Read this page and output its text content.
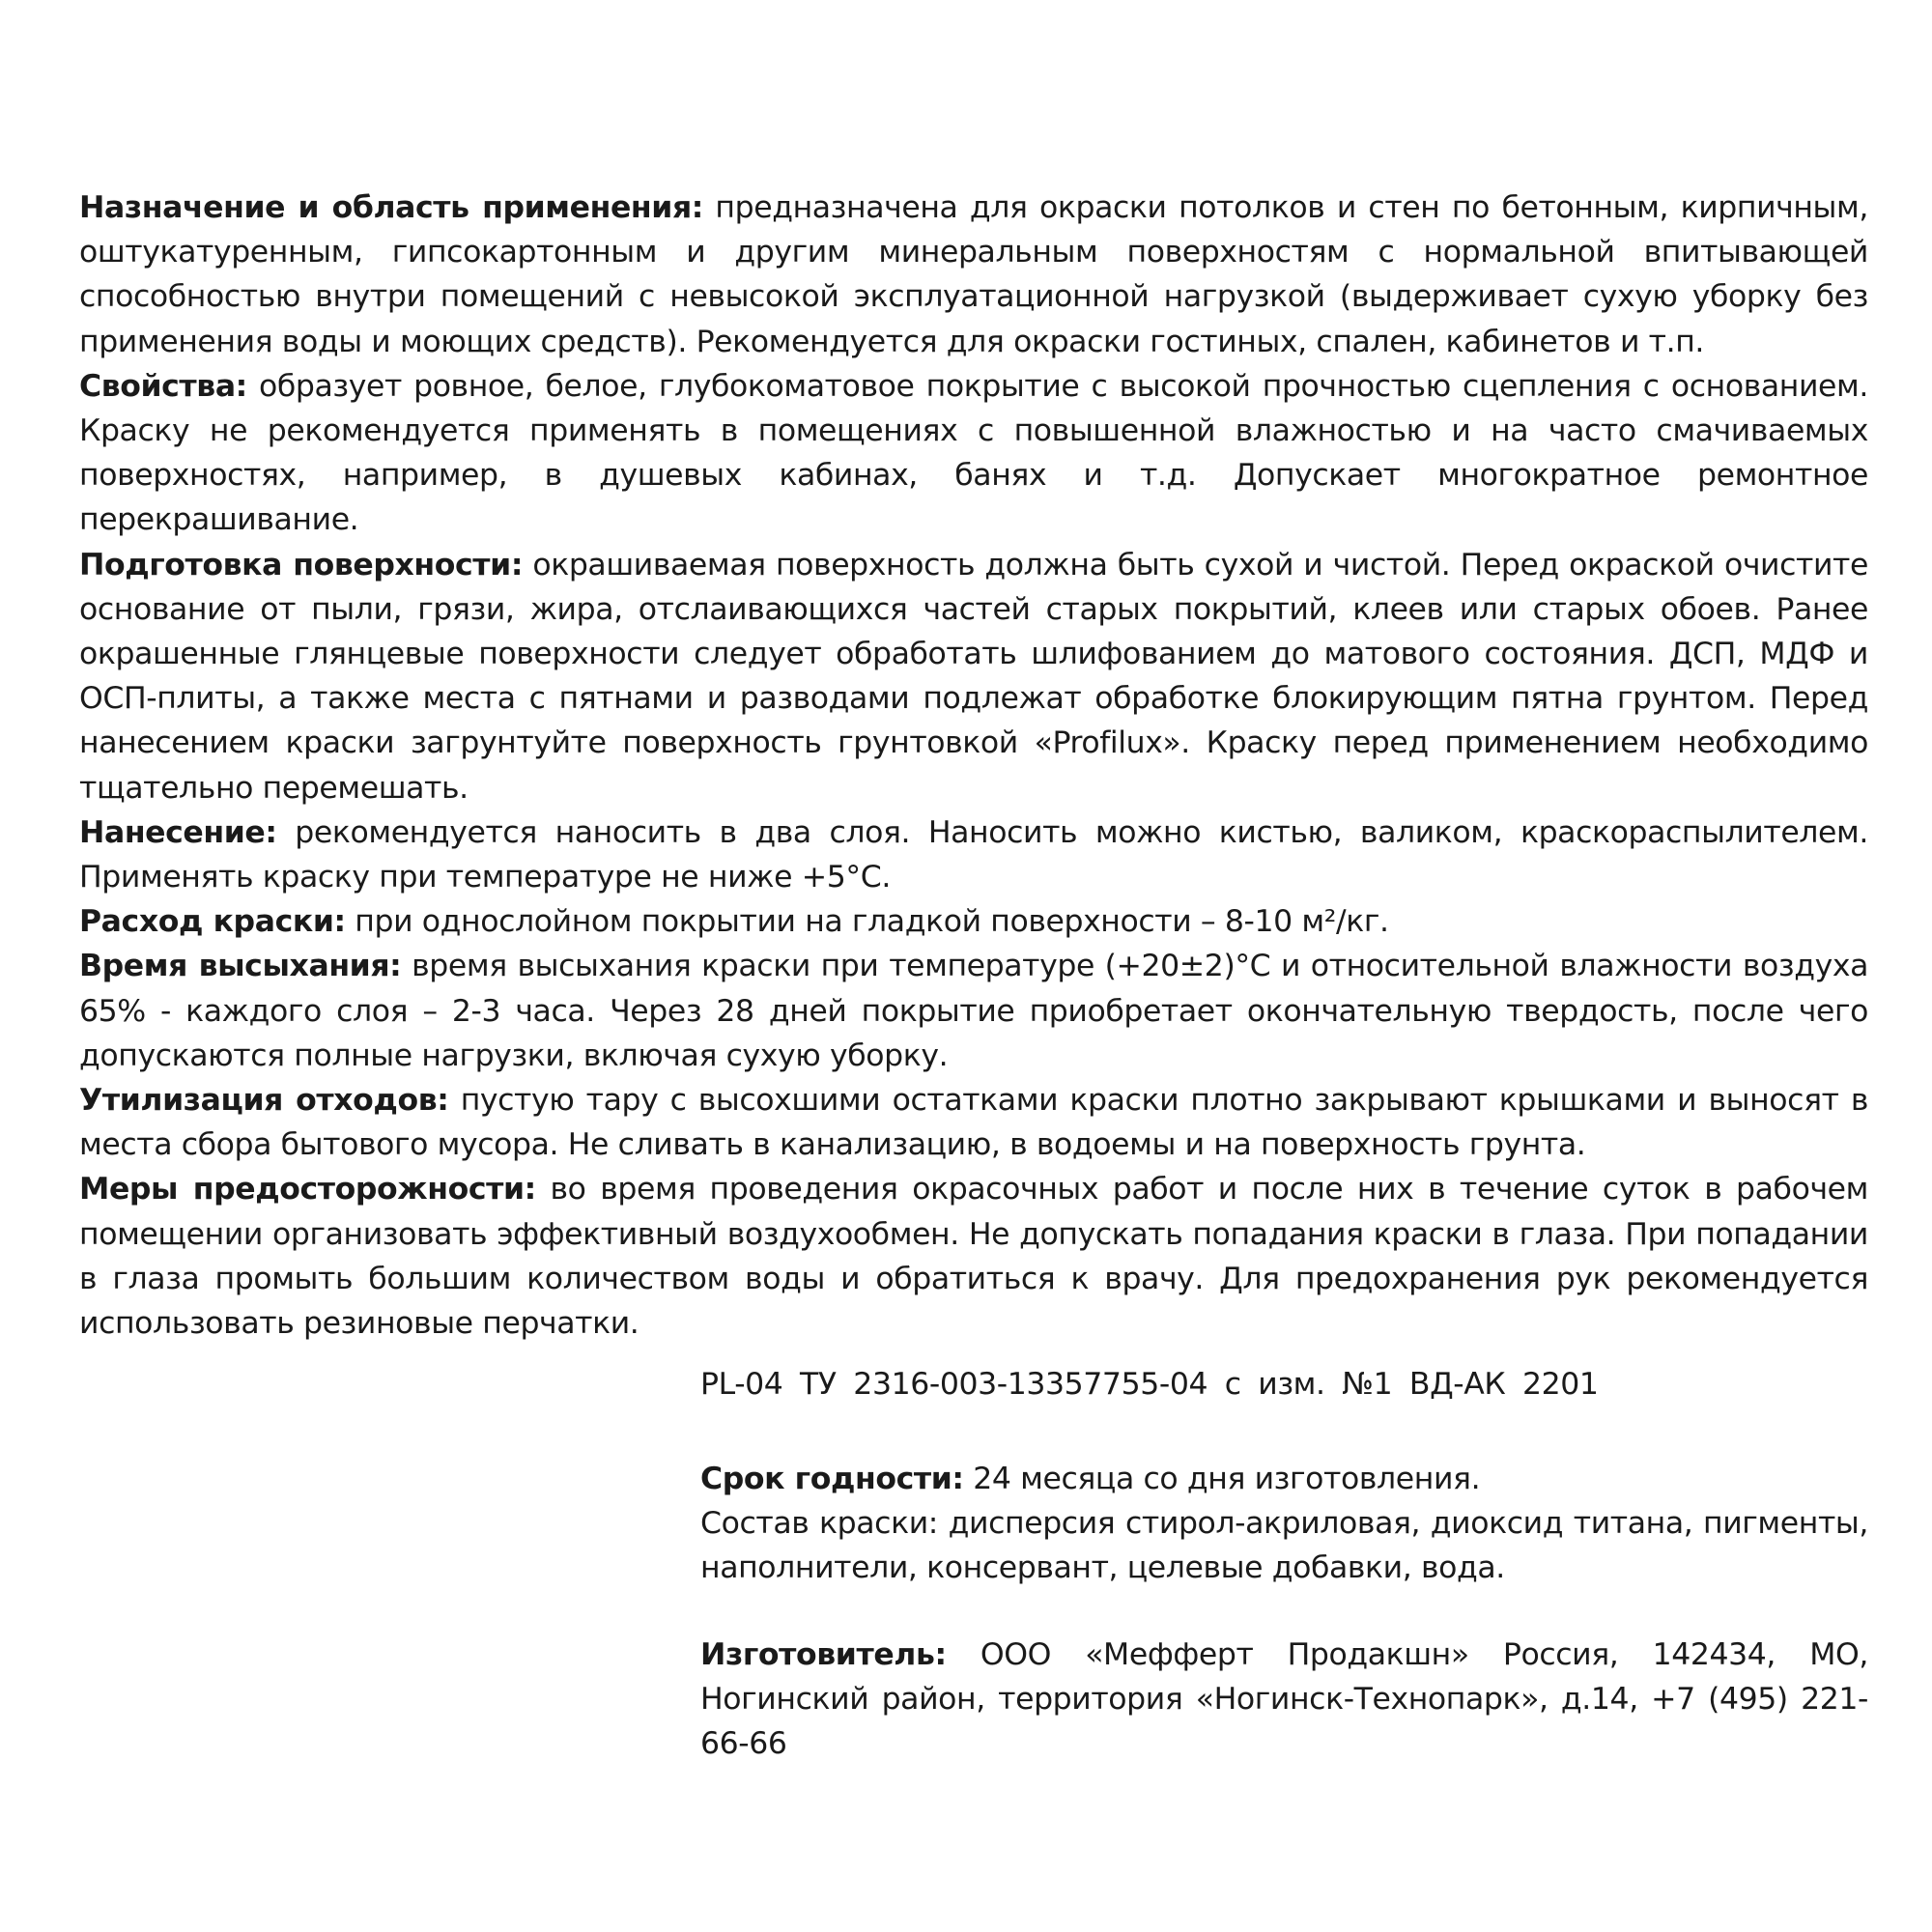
Назначение и область применения: предназначена для окраски потолков и стен по бетонным, кирпичным, оштукатуренным, гипсокартонным и другим минеральным поверхностям с нормальной впитывающей способностью внутри помещений с невысокой эксплуатационной нагрузкой (выдерживает сухую уборку без применения воды и моющих средств). Рекомендуется для окраски гостиных, спален, кабинетов и т.п.

Свойства: образует ровное, белое, глубокоматовое покрытие с высокой прочностью сцепления с основанием. Краску не рекомендуется применять в помещениях с повышенной влажностью и на часто смачиваемых поверхностях, например, в душевых кабинах, банях и т.д. Допускает многократное ремонтное перекрашивание.

Подготовка поверхности: окрашиваемая поверхность должна быть сухой и чистой. Перед окраской очистите основание от пыли, грязи, жира, отслаивающихся частей старых покрытий, клеев или старых обоев. Ранее окрашенные глянцевые поверхности следует обработать шлифованием до матового состояния. ДСП, МДФ и ОСП-плиты, а также места с пятнами и разводами подлежат обработке блокирующим пятна грунтом. Перед нанесением краски загрунтуйте поверхность грунтовкой «Profilux». Краску перед применением необходимо тщательно перемешать.

Нанесение: рекомендуется наносить в два слоя. Наносить можно кистью, валиком, краскораспылителем. Применять краску при температуре не ниже +5°С.

Расход краски: при однослойном покрытии на гладкой поверхности – 8-10 м²/кг.

Время высыхания: время высыхания краски при температуре (+20±2)°С и относительной влажности воздуха 65% - каждого слоя – 2-3 часа. Через 28 дней покрытие приобретает окончательную твердость, после чего допускаются полные нагрузки, включая сухую уборку.

Утилизация отходов: пустую тару с высохшими остатками краски плотно закрывают крышками и выносят в места сбора бытового мусора. Не сливать в канализацию, в водоемы и на поверхность грунта.

Меры предосторожности: во время проведения окрасочных работ и после них в течение суток в рабочем помещении организовать эффективный воздухообмен. Не допускать попадания краски в глаза. При попадании в глаза промыть большим количеством воды и обратиться к врачу. Для предохранения рук рекомендуется использовать резиновые перчатки.

PL-04 ТУ 2316-003-13357755-04 с изм. №1 ВД-АК 2201

Срок годности: 24 месяца со дня изготовления.

Состав краски: дисперсия стирол-акриловая, диоксид титана, пигменты, наполнители, консервант, целевые добавки, вода.

Изготовитель: ООО «Мефферт Продакшн» Россия, 142434, МО, Ногинский район, территория «Ногинск-Технопарк», д.14, +7 (495) 221-66-66
